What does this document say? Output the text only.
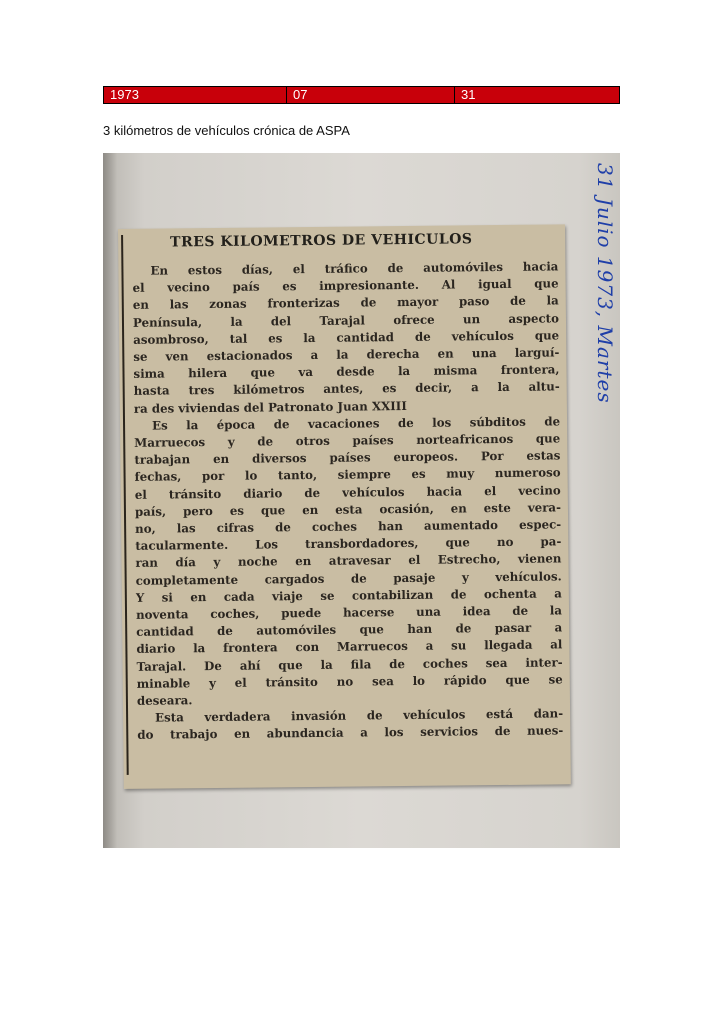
1973	07	31
3 kilómetros de vehículos crónica de ASPA
TRES KILOMETROS DE VEHICULOS
En estos días, el tráfico de automóviles hacia
el vecino país es impresionante. Al igual que
en las zonas fronterizas de mayor paso de la
Península, la del Tarajal ofrece un aspecto
asombroso, tal es la cantidad de vehículos que
se ven estacionados a la derecha en una larguí-
sima hilera que va desde la misma frontera,
hasta tres kilómetros antes, es decir, a la altu-
ra des viviendas del Patronato Juan XXIII
Es la época de vacaciones de los súbditos de
Marruecos y de otros países norteafricanos que
trabajan en diversos países europeos. Por estas
fechas, por lo tanto, siempre es muy numeroso
el tránsito diario de vehículos hacia el vecino
país, pero es que en esta ocasión, en este vera-
no, las cifras de coches han aumentado espec-
tacularmente. Los transbordadores, que no pa-
ran día y noche en atravesar el Estrecho, vienen
completamente cargados de pasaje y vehículos.
Y si en cada viaje se contabilizan de ochenta a
noventa coches, puede hacerse una idea de la
cantidad de automóviles que han de pasar a
diario la frontera con Marruecos a su llegada al
Tarajal. De ahí que la fila de coches sea inter-
minable y el tránsito no sea lo rápido que se
deseara.
Esta verdadera invasión de vehículos está dan-
do trabajo en abundancia a los servicios de nues-
31 Julio 1973, Martes
